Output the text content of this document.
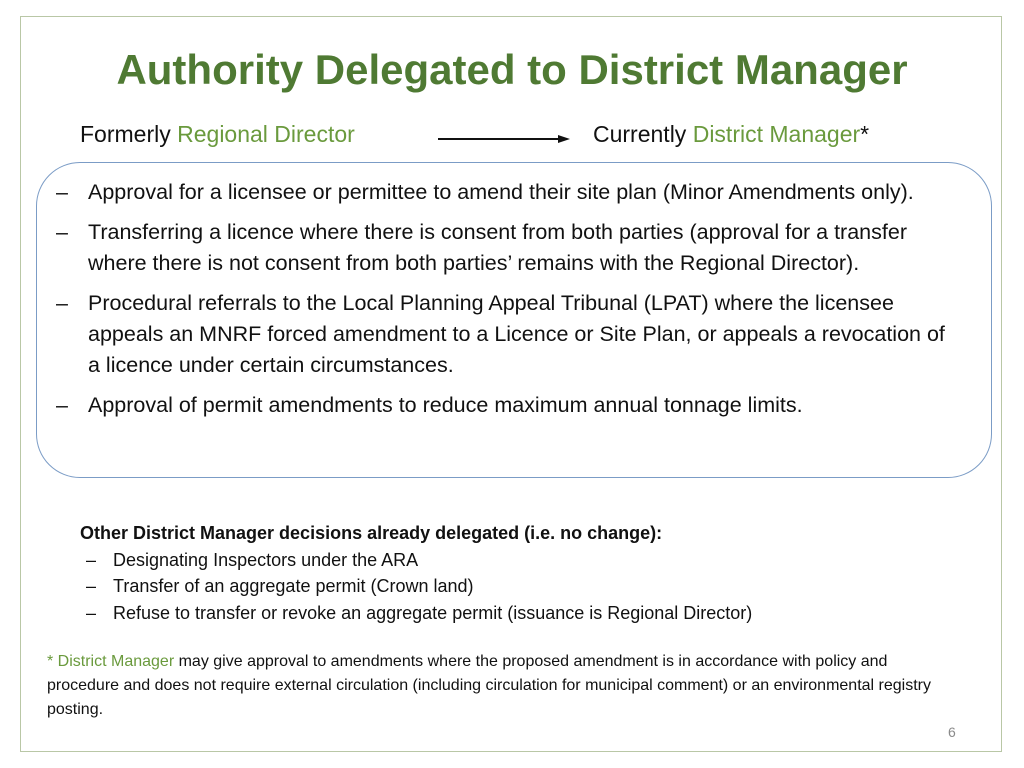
Authority Delegated to District Manager
Formerly Regional Director	Currently District Manager*
– Approval for a licensee or permittee to amend their site plan (Minor Amendments only).
– Transferring a licence where there is consent from both parties (approval for a transfer where there is not consent from both parties’ remains with the Regional Director).
– Procedural referrals to the Local Planning Appeal Tribunal (LPAT) where the licensee appeals an MNRF forced amendment to a Licence or Site Plan, or appeals a revocation of a licence under certain circumstances.
– Approval of permit amendments to reduce maximum annual tonnage limits.
Other District Manager decisions already delegated (i.e. no change):
– Designating Inspectors under the ARA
– Transfer of an aggregate permit (Crown land)
– Refuse to transfer or revoke an aggregate permit (issuance is Regional Director)
* District Manager may give approval to amendments where the proposed amendment is in accordance with policy and procedure and does not require external circulation (including circulation for municipal comment) or an environmental registry posting.
6
